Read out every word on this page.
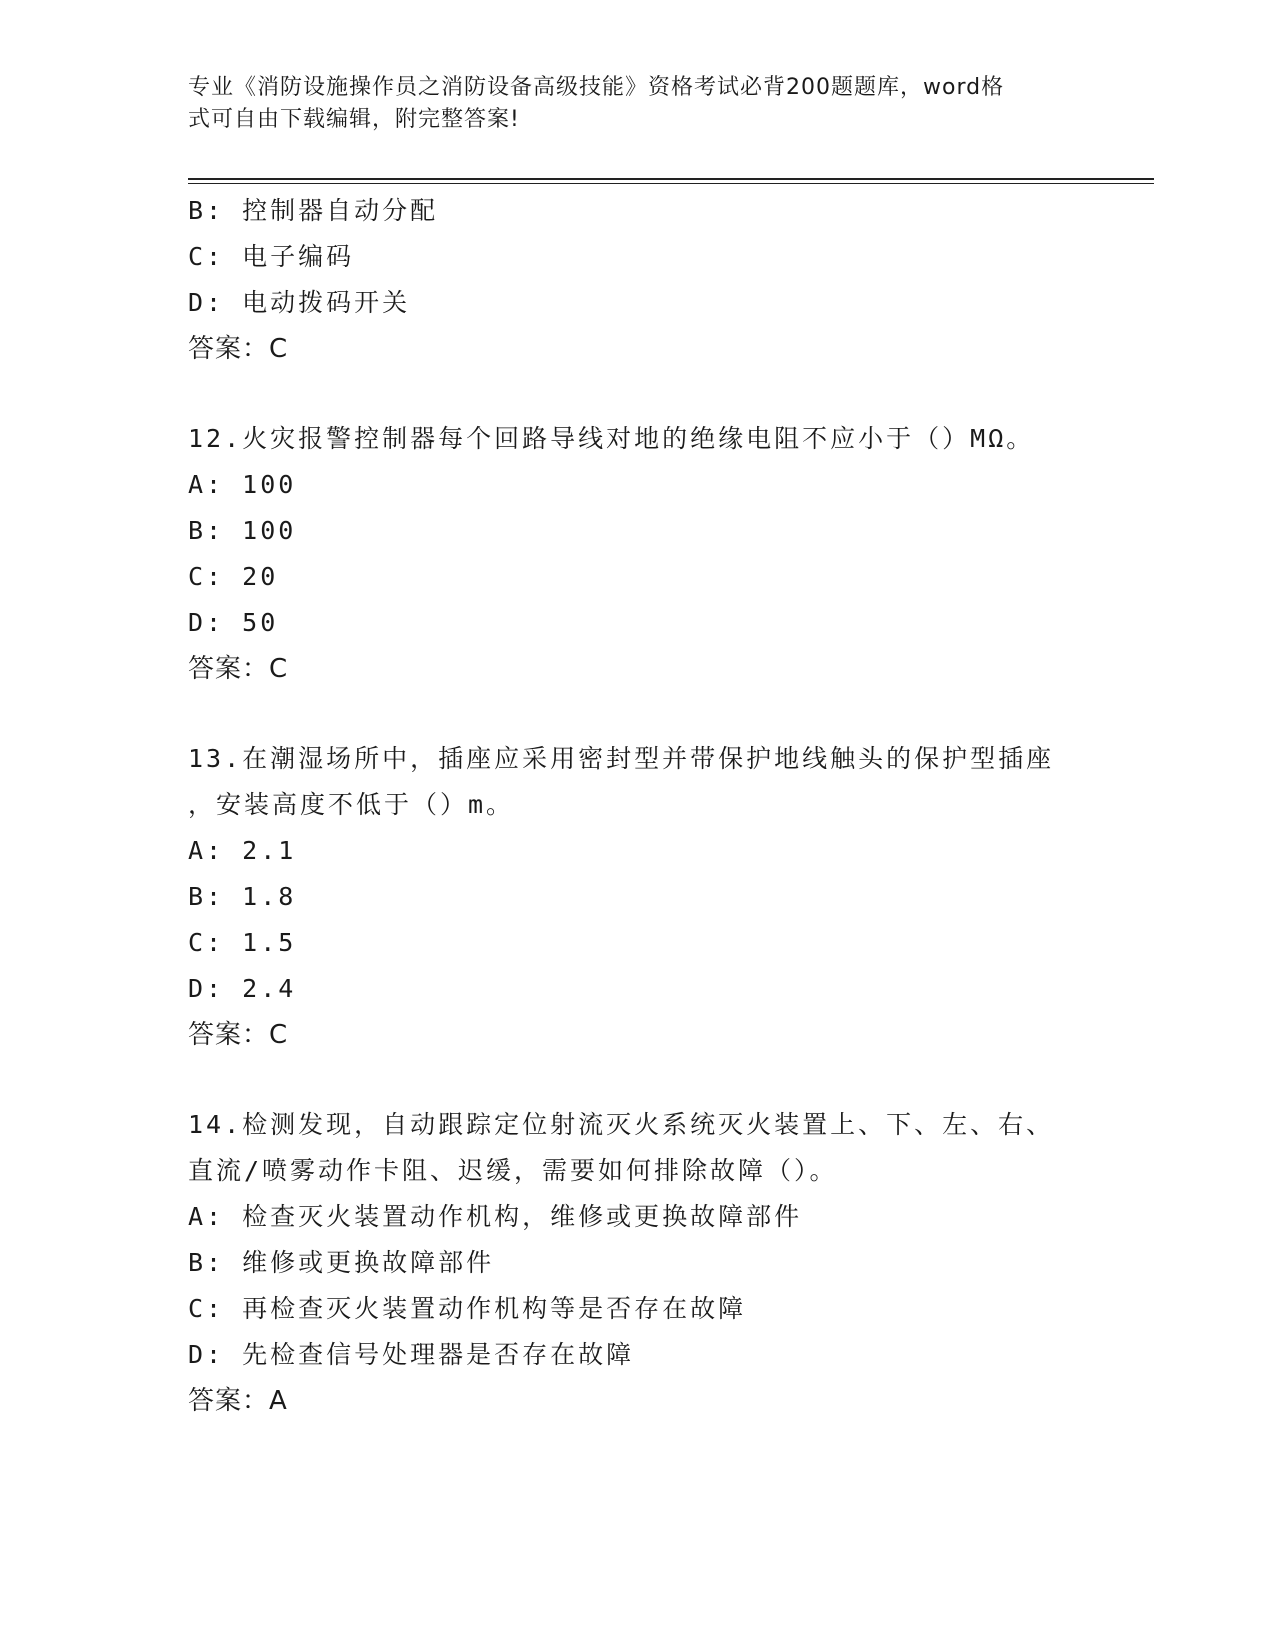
专业《消防设施操作员之消防设备高级技能》资格考试必背200题题库，word格
式可自由下载编辑，附完整答案!
B: 控制器自动分配
C: 电子编码
D: 电动拨码开关
答案：C
12.火灾报警控制器每个回路导线对地的绝缘电阻不应小于（）MΩ。
A: 100
B: 100
C: 20
D: 50
答案：C
13.在潮湿场所中，插座应采用密封型并带保护地线触头的保护型插座
，安装高度不低于（）m。
A: 2.1
B: 1.8
C: 1.5
D: 2.4
答案：C
14.检测发现，自动跟踪定位射流灭火系统灭火装置上、下、左、右、
直流/喷雾动作卡阻、迟缓，需要如何排除故障（）。
A: 检查灭火装置动作机构，维修或更换故障部件
B: 维修或更换故障部件
C: 再检查灭火装置动作机构等是否存在故障
D: 先检查信号处理器是否存在故障
答案：A
